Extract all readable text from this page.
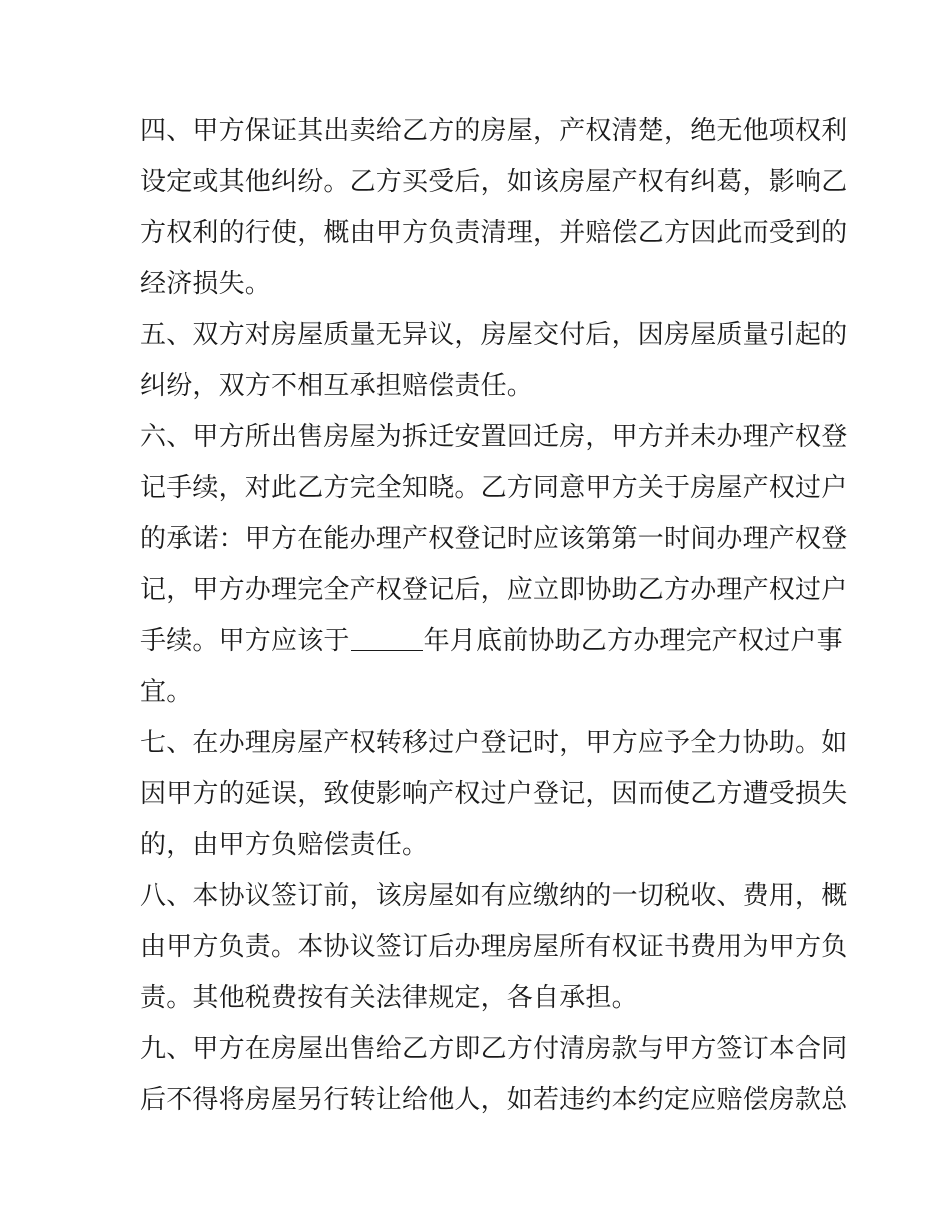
四、甲方保证其出卖给乙方的房屋，产权清楚，绝无他项权利
设定或其他纠纷。乙方买受后，如该房屋产权有纠葛，影响乙
方权利的行使，概由甲方负责清理，并赔偿乙方因此而受到的
经济损失。
五、双方对房屋质量无异议，房屋交付后，因房屋质量引起的
纠纷，双方不相互承担赔偿责任。
六、甲方所出售房屋为拆迁安置回迁房，甲方并未办理产权登
记手续，对此乙方完全知晓。乙方同意甲方关于房屋产权过户
的承诺：甲方在能办理产权登记时应该第第一时间办理产权登
记，甲方办理完全产权登记后，应立即协助乙方办理产权过户
手续。甲方应该于	年月底前协助乙方办理完产权过户事
宜。
七、在办理房屋产权转移过户登记时，甲方应予全力协助。如
因甲方的延误，致使影响产权过户登记，因而使乙方遭受损失
的，由甲方负赔偿责任。
八、本协议签订前，该房屋如有应缴纳的一切税收、费用，概
由甲方负责。本协议签订后办理房屋所有权证书费用为甲方负
责。其他税费按有关法律规定，各自承担。
九、甲方在房屋出售给乙方即乙方付清房款与甲方签订本合同
后不得将房屋另行转让给他人，如若违约本约定应赔偿房款总
